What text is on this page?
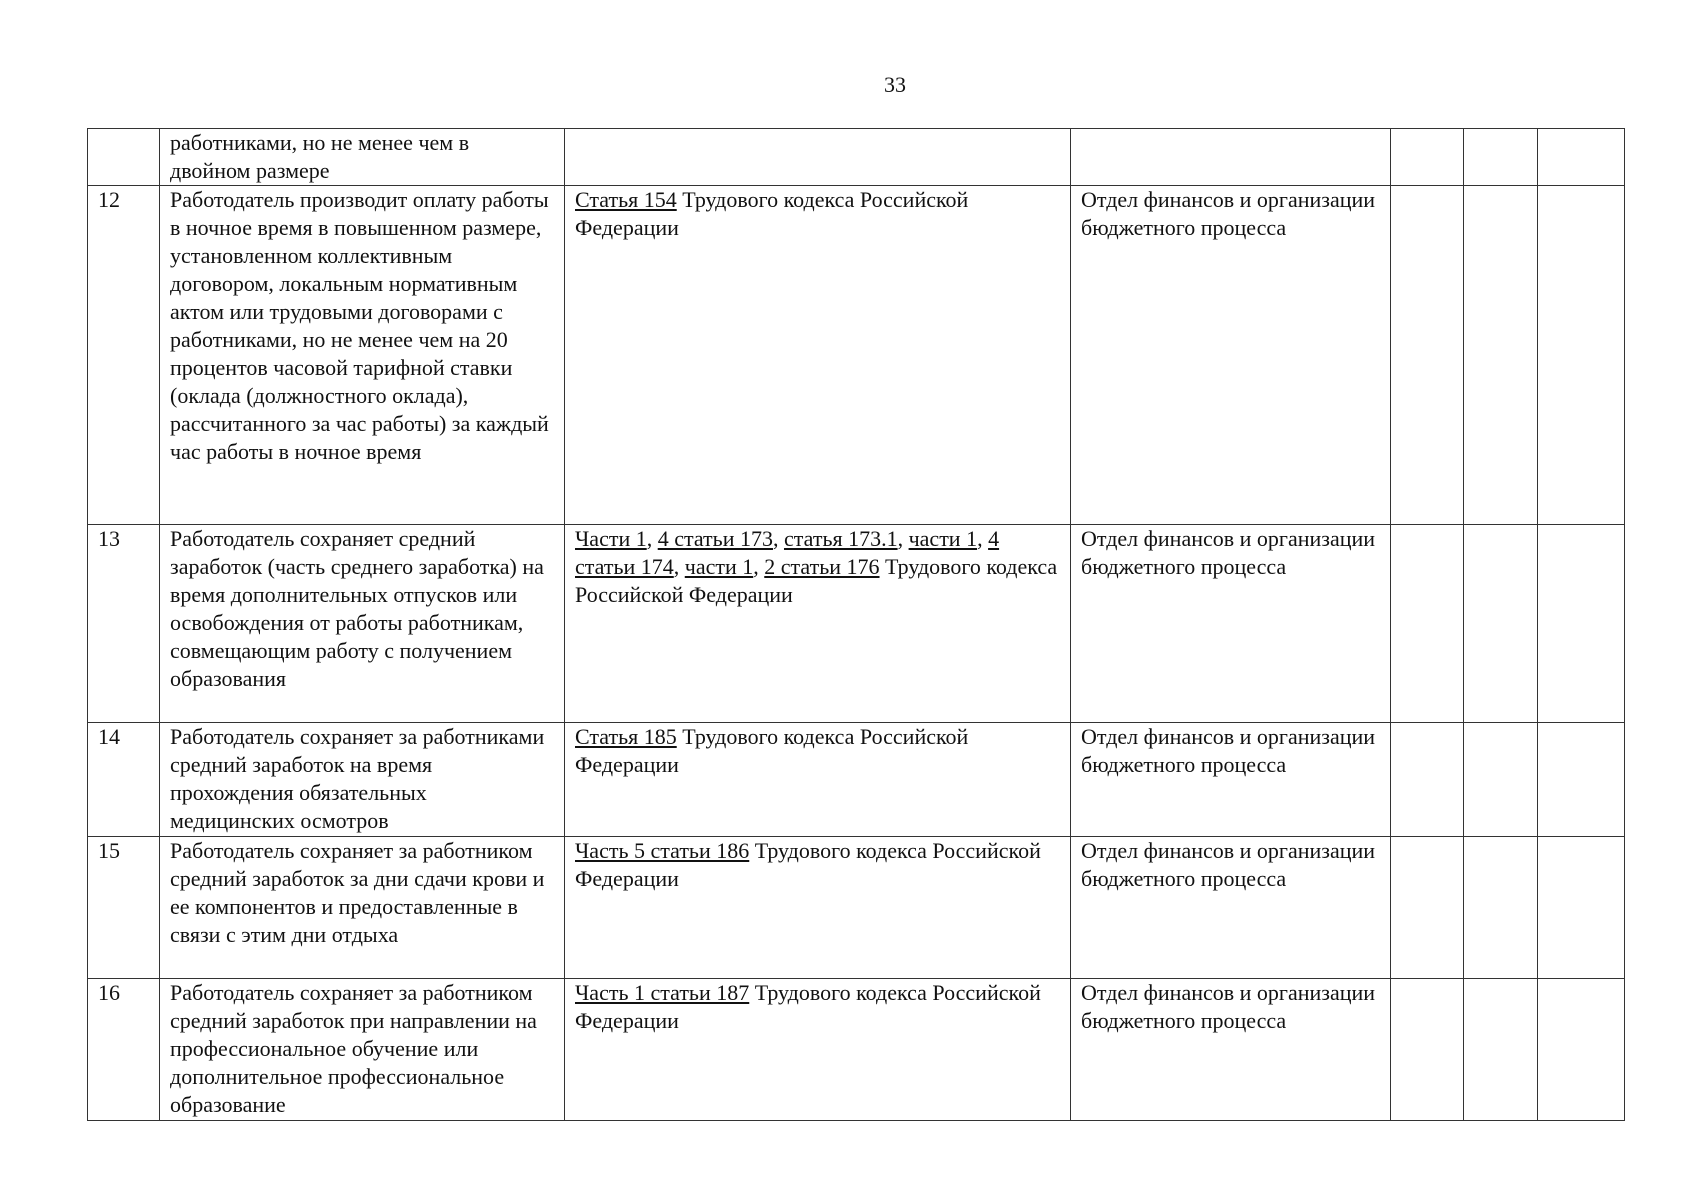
33
	работниками, но не менее чем в двойном размере					
12	Работодатель производит оплату работы в ночное время в повышенном размере, установленном коллективным договором, локальным нормативным актом или трудовыми договорами с работниками, но не менее чем на 20 процентов часовой тарифной ставки (оклада (должностного оклада), рассчитанного за час работы) за каждый час работы в ночное время	Статья 154 Трудового кодекса Российской Федерации	Отдел финансов и организации бюджетного процесса			
13	Работодатель сохраняет средний заработок (часть среднего заработка) на время дополнительных отпусков или освобождения от работы работникам, совмещающим работу с получением образования	Части 1, 4 статьи 173, статья 173.1, части 1, 4 статьи 174, части 1, 2 статьи 176 Трудового кодекса Российской Федерации	Отдел финансов и организации бюджетного процесса			
14	Работодатель сохраняет за работниками средний заработок на время прохождения обязательных медицинских осмотров	Статья 185 Трудового кодекса Российской Федерации	Отдел финансов и организации бюджетного процесса			
15	Работодатель сохраняет за работником средний заработок за дни сдачи крови и ее компонентов и предоставленные в связи с этим дни отдыха	Часть 5 статьи 186 Трудового кодекса Российской Федерации	Отдел финансов и организации бюджетного процесса			
16	Работодатель сохраняет за работником средний заработок при направлении на профессиональное обучение или дополнительное профессиональное образование	Часть 1 статьи 187 Трудового кодекса Российской Федерации	Отдел финансов и организации бюджетного процесса			
